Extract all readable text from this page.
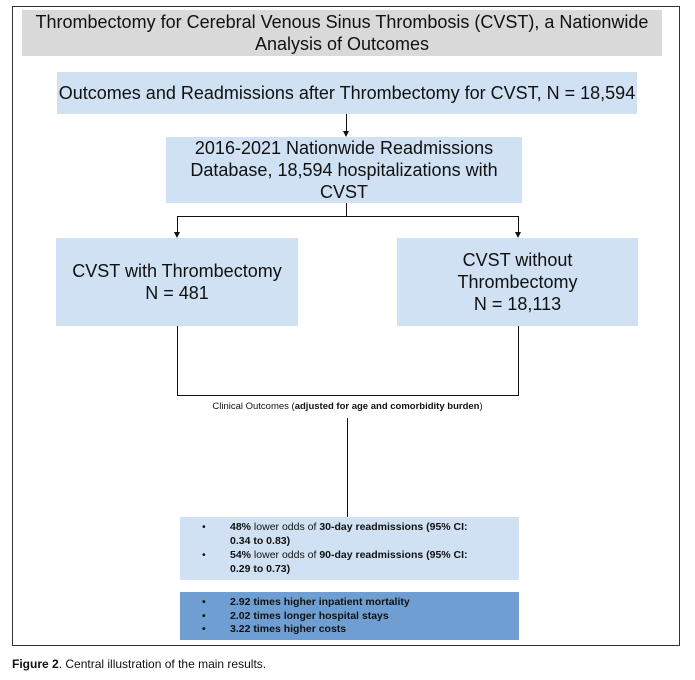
Thrombectomy for Cerebral Venous Sinus Thrombosis (CVST), a Nationwide Analysis of Outcomes
Outcomes and Readmissions after Thrombectomy for CVST, N = 18,594
2016-2021 Nationwide Readmissions
Database, 18,594 hospitalizations with CVST
CVST with Thrombectomy
N = 481
CVST without
Thrombectomy
N = 18,113
Clinical Outcomes (adjusted for age and comorbidity burden)
•	48% lower odds of 30-day readmissions (95% CI:
0.34 to 0.83)
•	54% lower odds of 90-day readmissions (95% CI:
0.29 to 0.73)
•	2.92 times higher inpatient mortality
•	2.02 times longer hospital stays
•	3.22 times higher costs
Figure 2. Central illustration of the main results.
